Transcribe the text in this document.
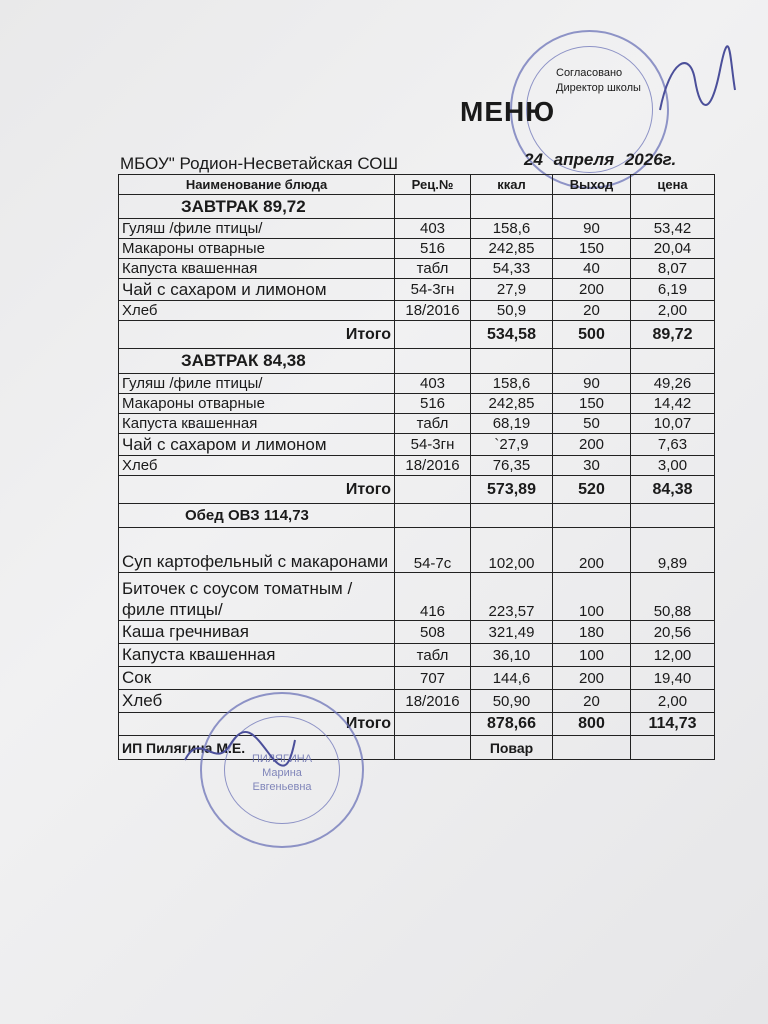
Согласовано
Директор школы
МЕНЮ
МБОУ" Родион-Несветайская СОШ	24 апреля 2026г.
Наименование блюда	Рец.№	ккал	Выход	цена
ЗАВТРАК 89,72				
Гуляш /филе птицы/	403	158,6	90	53,42
Макароны отварные	516	242,85	150	20,04
Капуста квашенная	табл	54,33	40	8,07
Чай с сахаром и лимоном	54-3гн	27,9	200	6,19
Хлеб	18/2016	50,9	20	2,00
Итого		534,58	500	89,72
ЗАВТРАК 84,38				
Гуляш /филе птицы/	403	158,6	90	49,26
Макароны отварные	516	242,85	150	14,42
Капуста квашенная	табл	68,19	50	10,07
Чай с сахаром и лимоном	54-3гн	`27,9	200	7,63
Хлеб	18/2016	76,35	30	3,00
Итого		573,89	520	84,38
Обед ОВЗ 114,73				
Суп картофельный с макаронами	54-7с	102,00	200	9,89
Биточек с соусом томатным /филе птицы/	416	223,57	100	50,88
Каша гречнивая	508	321,49	180	20,56
Капуста квашенная	табл	36,10	100	12,00
Сок	707	144,6	200	19,40
Хлеб	18/2016	50,90	20	2,00
Итого		878,66	800	114,73
ИП Пилягина М.Е.		Повар		
ПИЛЯГИНА
Марина
Евгеньевна
